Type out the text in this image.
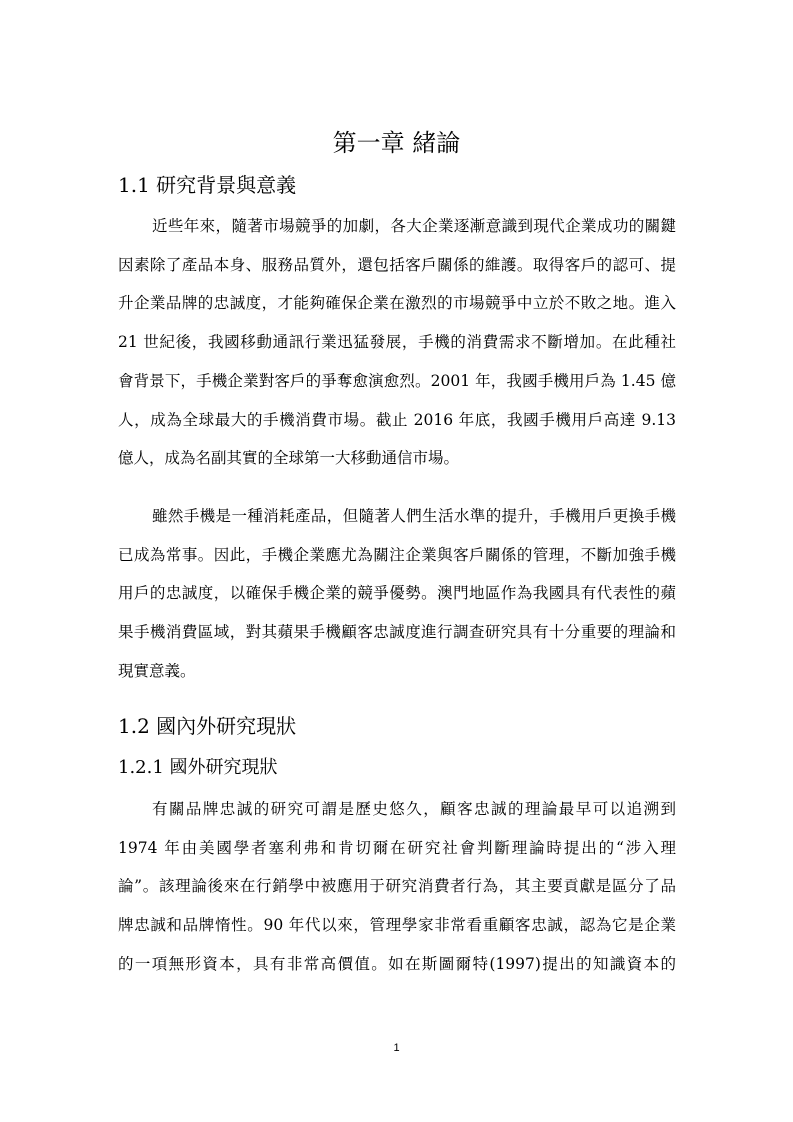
第一章 緒論
1.1 研究背景與意義
近些年來，隨著市場競爭的加劇，各大企業逐漸意識到現代企業成功的關鍵
因素除了產品本身、服務品質外，還包括客戶關係的維護。取得客戶的認可、提
升企業品牌的忠誠度，才能夠確保企業在激烈的市場競爭中立於不敗之地。進入
21 世紀後，我國移動通訊行業迅猛發展，手機的消費需求不斷增加。在此種社
會背景下，手機企業對客戶的爭奪愈演愈烈。2001 年，我國手機用戶為 1.45 億
人，成為全球最大的手機消費市場。截止 2016 年底，我國手機用戶高達 9.13
億人，成為名副其實的全球第一大移動通信市場。
雖然手機是一種消耗產品，但隨著人們生活水準的提升，手機用戶更換手機
已成為常事。因此，手機企業應尤為關注企業與客戶關係的管理，不斷加強手機
用戶的忠誠度，以確保手機企業的競爭優勢。澳門地區作為我國具有代表性的蘋
果手機消費區域，對其蘋果手機顧客忠誠度進行調查研究具有十分重要的理論和
現實意義。
1.2 國內外研究現狀
1.2.1 國外研究現狀
有關品牌忠誠的研究可謂是歷史悠久，顧客忠誠的理論最早可以追溯到
1974 年由美國學者塞利弗和肯切爾在研究社會判斷理論時提出的“涉入理
論”。該理論後來在行銷學中被應用于研究消費者行為，其主要貢獻是區分了品
牌忠誠和品牌惰性。90 年代以來，管理學家非常看重顧客忠誠，認為它是企業
的一項無形資本，具有非常高價值。如在斯圖爾特(1997)提出的知識資本的
1
